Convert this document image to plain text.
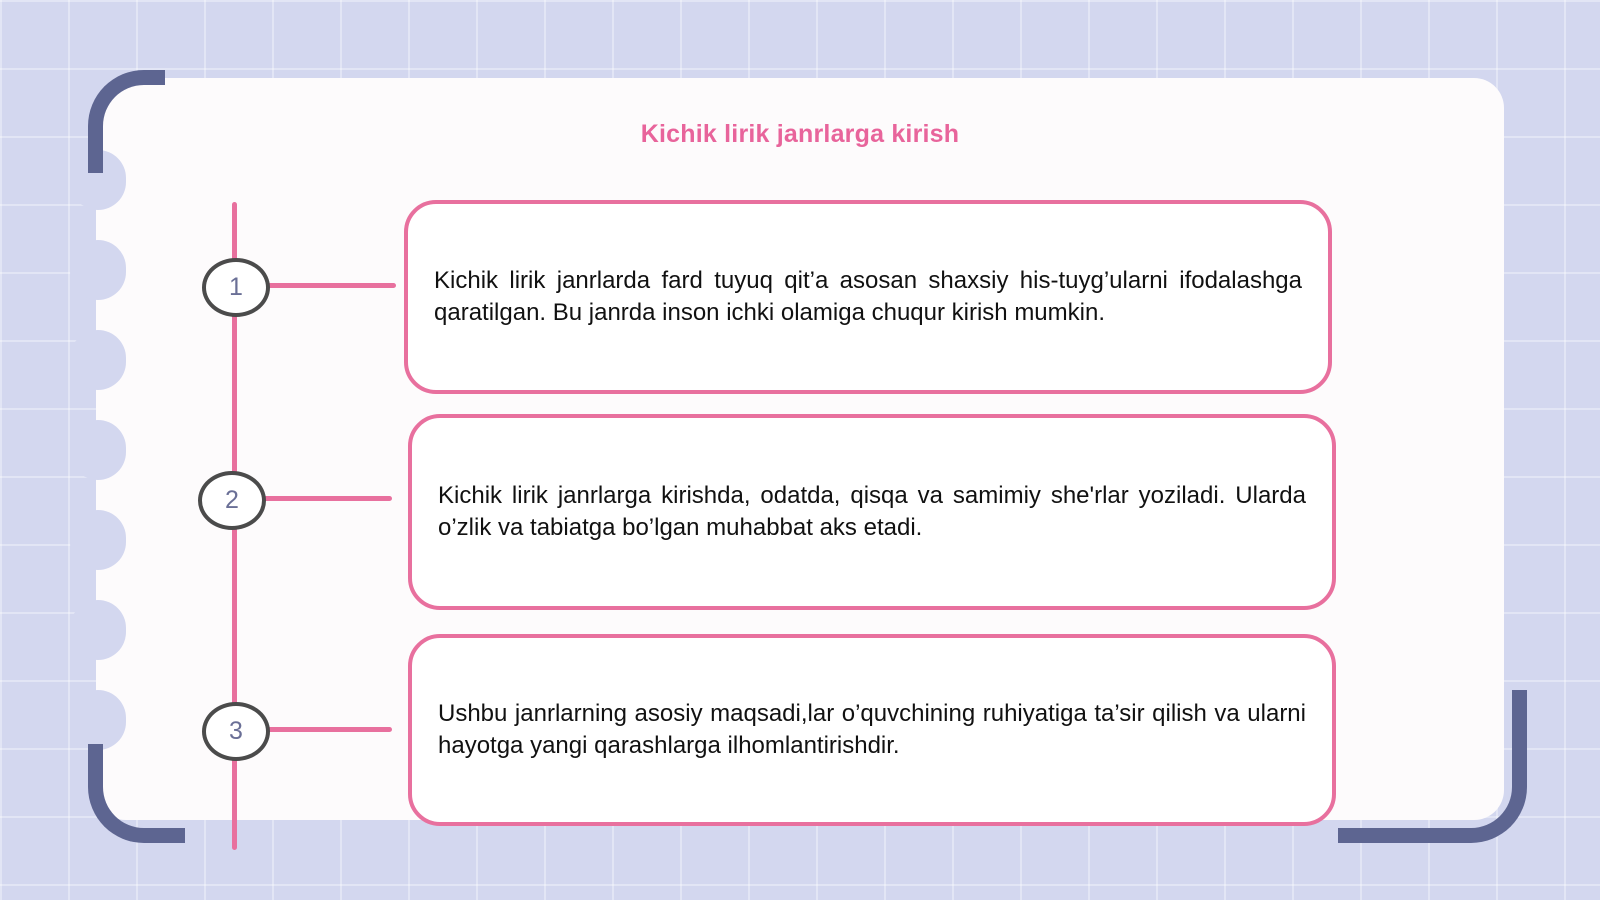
Kichik lirik janrlarga kirish
1	Kichik lirik janrlarda fard tuyuq qit’a asosan shaxsiy his-tuyg’ularni ifodalashga qaratilgan. Bu janrda inson ichki olamiga chuqur kirish mumkin.

2	Kichik lirik janrlarga kirishda, odatda, qisqa va samimiy she'rlar yoziladi. Ularda o’zlik va tabiatga bo’lgan muhabbat aks etadi.

3

Ushbu janrlarning asosiy maqsadi,lar o’quvchining ruhiyatiga ta’sir qilish va ularni hayotga yangi qarashlarga ilhomlantirishdir.
